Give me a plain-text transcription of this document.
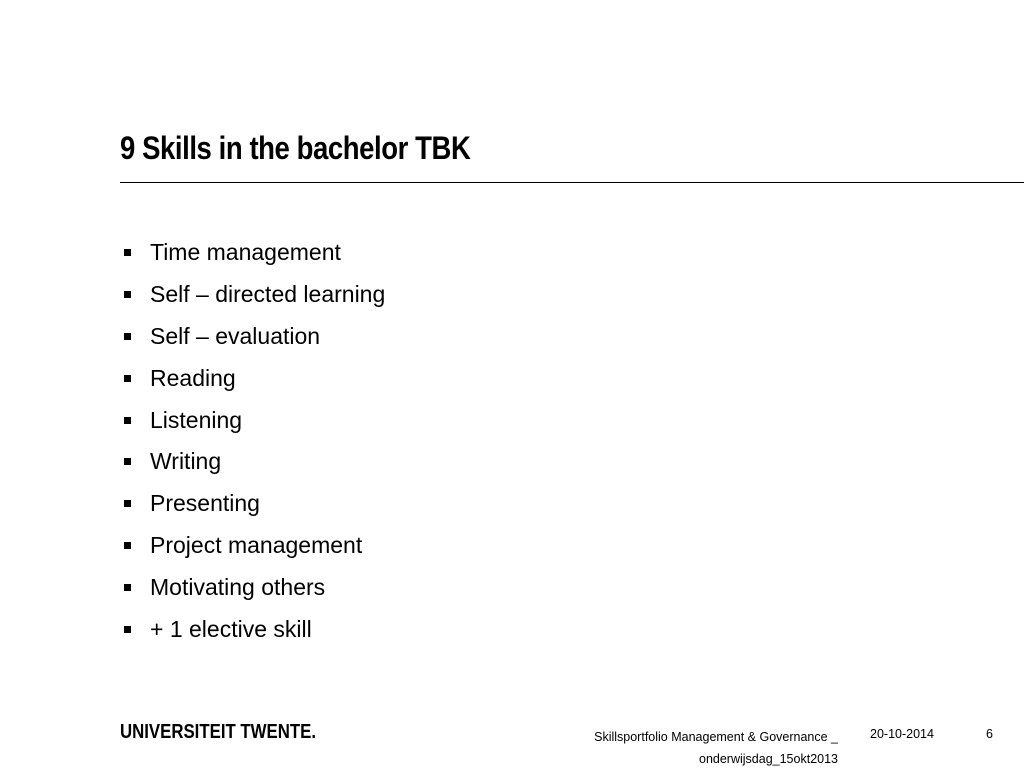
9 Skills in the bachelor TBK
Time management
Self – directed learning
Self – evaluation
Reading
Listening
Writing
Presenting
Project management
Motivating others
+ 1 elective skill
UNIVERSITEIT TWENTE.	Skillsportfolio Management & Governance _
onderwijsdag_15okt2013
20-10-2014	6
